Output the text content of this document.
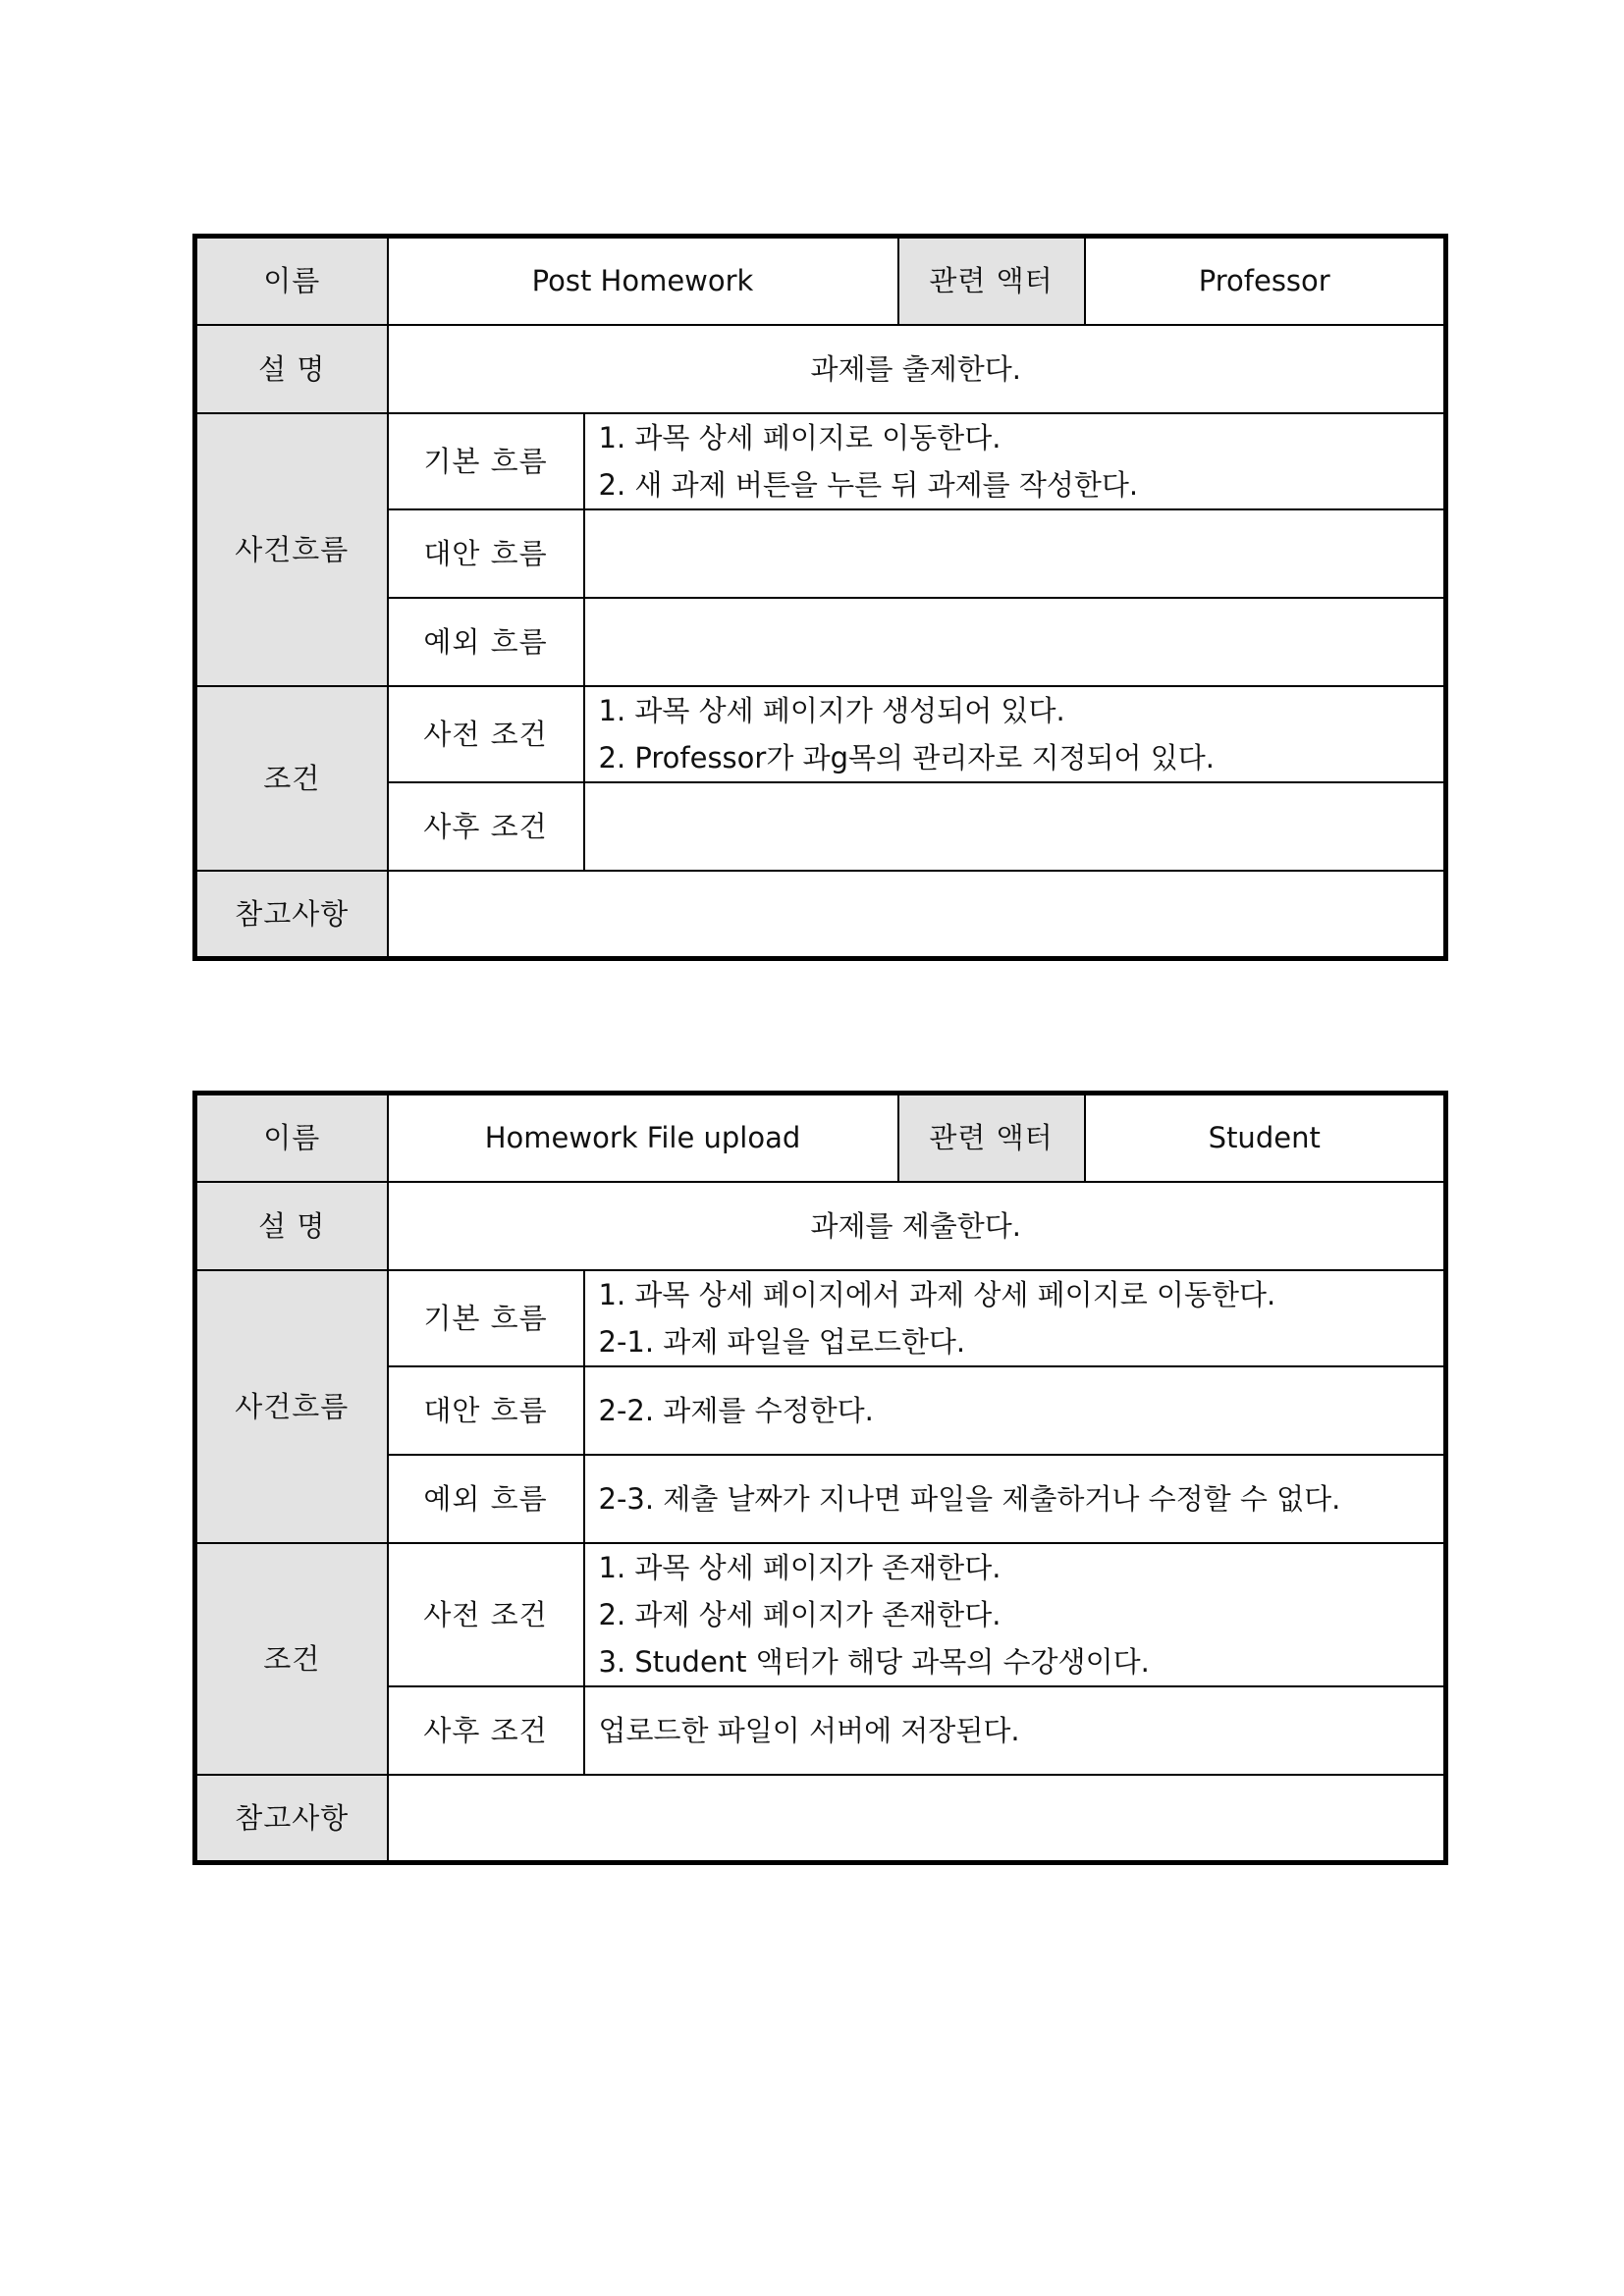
이름	Post Homework		관련 액터	Professor
설 명	과제를 출제한다.			
사건흐름	기본 흐름	1. 과목 상세 페이지로 이동한다.
2. 새 과제 버튼을 누른 뒤 과제를 작성한다.		

	대안 흐름			
	예외 흐름			
조건	사전 조건	1. 과목 상세 페이지가 생성되어 있다.
2. Professor가 과g목의 관리자로 지정되어 있다.		

	사후 조건			
참고사항				
이름	Homework File upload		관련 액터	Student
설 명	과제를 제출한다.			
사건흐름	기본 흐름	1. 과목 상세 페이지에서 과제 상세 페이지로 이동한다.
2-1. 과제 파일을 업로드한다.		

	대안 흐름	2-2. 과제를 수정한다.		

	예외 흐름	2-3. 제출 날짜가 지나면 파일을 제출하거나 수정할 수 없다.		

조건	사전 조건	1. 과목 상세 페이지가 존재한다.
2. 과제 상세 페이지가 존재한다.
3. Student 액터가 해당 과목의 수강생이다.		

	사후 조건	업로드한 파일이 서버에 저장된다.		

참고사항				
